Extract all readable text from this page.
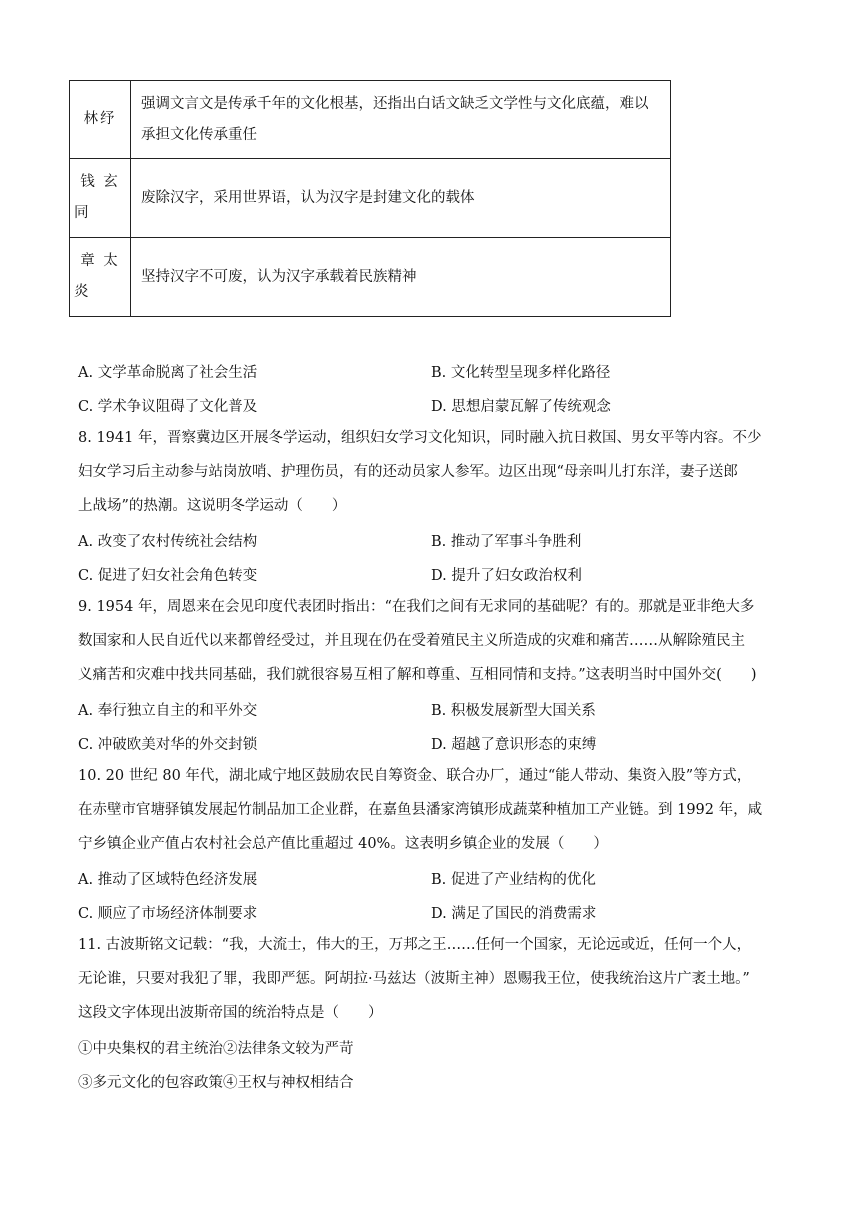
林纾	强调文言文是传承千年的文化根基，还指出白话文缺乏文学性与文化底蕴，难以
承担文化传承重任

钱 玄
同	废除汉字，采用世界语，认为汉字是封建文化的载体

章 太
炎	坚持汉字不可废，认为汉字承载着民族精神
A. 文学革命脱离了社会生活	B. 文化转型呈现多样化路径
C. 学术争议阻碍了文化普及	D. 思想启蒙瓦解了传统观念
8. 1941 年，晋察冀边区开展冬学运动，组织妇女学习文化知识，同时融入抗日救国、男女平等内容。不少
妇女学习后主动参与站岗放哨、护理伤员，有的还动员家人参军。边区出现“母亲叫儿打东洋，妻子送郎
上战场”的热潮。这说明冬学运动（　　）
A. 改变了农村传统社会结构	B. 推动了军事斗争胜利
C. 促进了妇女社会角色转变	D. 提升了妇女政治权利
9. 1954 年，周恩来在会见印度代表团时指出：“在我们之间有无求同的基础呢？有的。那就是亚非绝大多
数国家和人民自近代以来都曾经受过，并且现在仍在受着殖民主义所造成的灾难和痛苦……从解除殖民主
义痛苦和灾难中找共同基础，我们就很容易互相了解和尊重、互相同情和支持。”这表明当时中国外交(　　)
A. 奉行独立自主的和平外交	B. 积极发展新型大国关系
C. 冲破欧美对华的外交封锁	D. 超越了意识形态的束缚
10. 20 世纪 80 年代，湖北咸宁地区鼓励农民自筹资金、联合办厂，通过“能人带动、集资入股”等方式，
在赤壁市官塘驿镇发展起竹制品加工企业群，在嘉鱼县潘家湾镇形成蔬菜种植加工产业链。到 1992 年，咸
宁乡镇企业产值占农村社会总产值比重超过 40%。这表明乡镇企业的发展（　　）
A. 推动了区域特色经济发展	B. 促进了产业结构的优化
C. 顺应了市场经济体制要求	D. 满足了国民的消费需求
11. 古波斯铭文记载：“我，大流士，伟大的王，万邦之王……任何一个国家，无论远或近，任何一个人，
无论谁，只要对我犯了罪，我即严惩。阿胡拉·马兹达（波斯主神）恩赐我王位，使我统治这片广袤土地。”
这段文字体现出波斯帝国的统治特点是（　　）
①中央集权的君主统治②法律条文较为严苛
③多元文化的包容政策④王权与神权相结合
